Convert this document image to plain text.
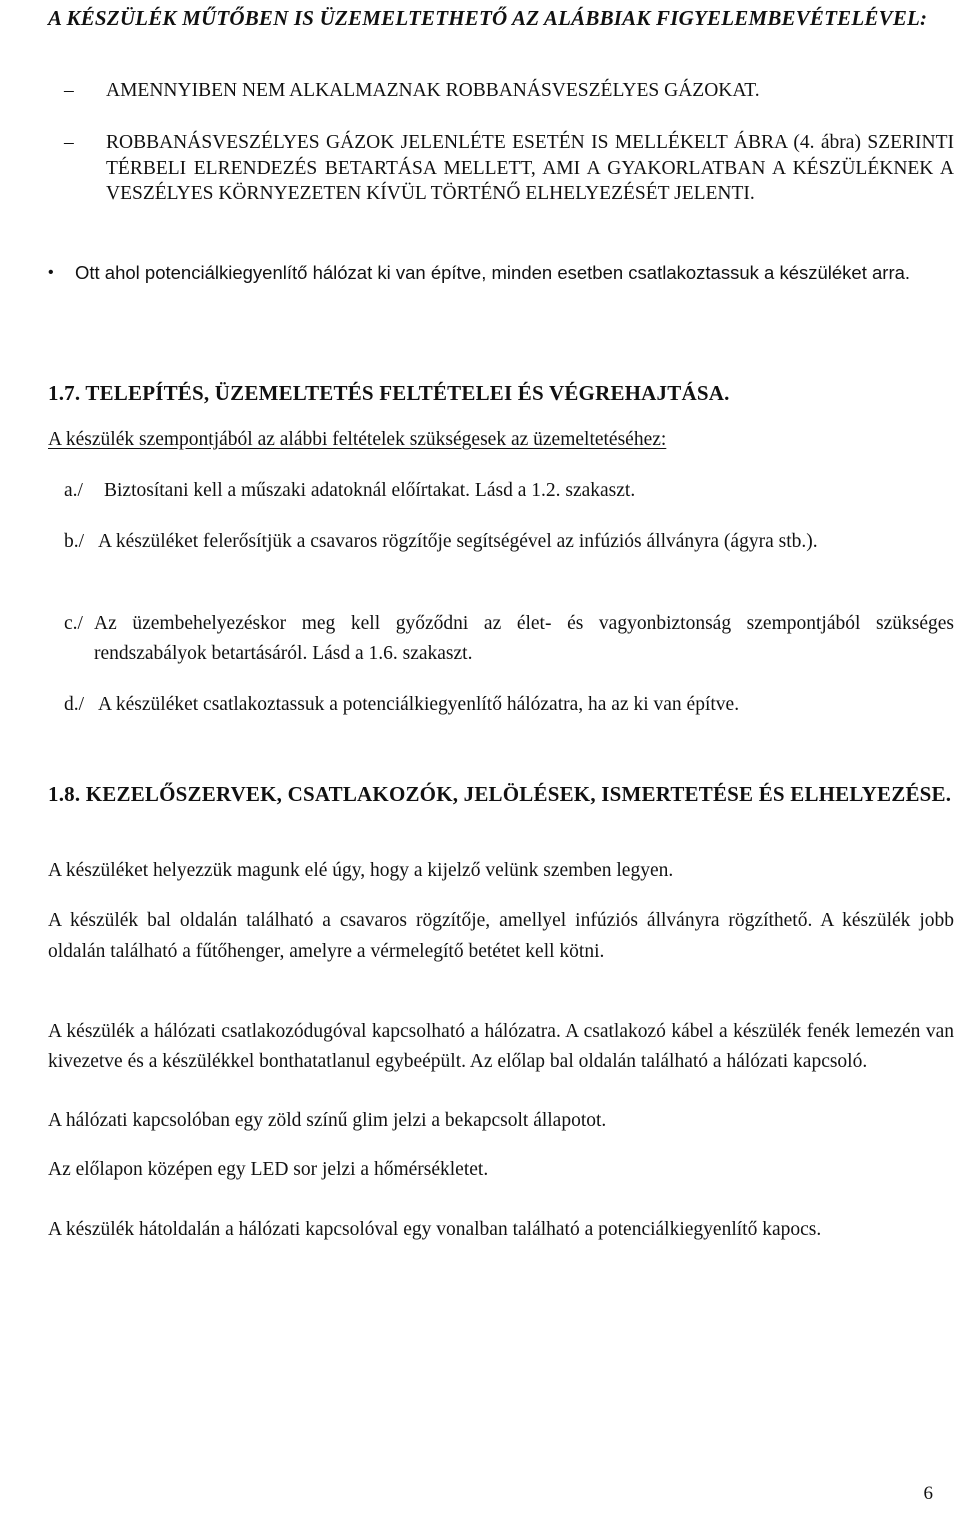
A KÉSZÜLÉK MŰTŐBEN IS ÜZEMELTETHETŐ AZ ALÁBBIAK FIGYELEMBEVÉTELÉVEL:
– AMENNYIBEN NEM ALKALMAZNAK ROBBANÁSVESZÉLYES GÁZOKAT.
– ROBBANÁSVESZÉLYES GÁZOK JELENLÉTE ESETÉN IS MELLÉKELT ÁBRA (4. ábra) SZERINTI TÉRBELI ELRENDEZÉS BETARTÁSA MELLETT, AMI A GYAKORLATBAN A KÉSZÜLÉKNEK A VESZÉLYES KÖRNYEZETEN KÍVÜL TÖRTÉNŐ ELHELYEZÉSÉT JELENTI.
• Ott ahol potenciálkiegyenlítő hálózat ki van építve, minden esetben csatlakoztassuk a készüléket arra.
1.7. TELEPÍTÉS, ÜZEMELTETÉS FELTÉTELEI ÉS VÉGREHAJTÁSA.
A készülék szempontjából az alábbi feltételek szükségesek az üzemeltetéséhez:
a./ Biztosítani kell a műszaki adatoknál előírtakat. Lásd a 1.2. szakaszt.
b./ A készüléket felerősítjük a csavaros rögzítője segítségével az infúziós állványra (ágyra stb.).
c./ Az üzembehelyezéskor meg kell győződni az élet- és vagyonbiztonság szempontjából szükséges rendszabályok betartásáról. Lásd a 1.6. szakaszt.
d./ A készüléket csatlakoztassuk a potenciálkiegyenlítő hálózatra, ha az ki van építve.
1.8. KEZELŐSZERVEK, CSATLAKOZÓK, JELÖLÉSEK, ISMERTETÉSE ÉS ELHELYEZÉSE.
A készüléket helyezzük magunk elé úgy, hogy a kijelző velünk szemben legyen.
A készülék bal oldalán található a csavaros rögzítője, amellyel infúziós állványra rögzíthető. A készülék jobb oldalán található a fűtőhenger, amelyre a vérmelegítő betétet kell kötni.
A készülék a hálózati csatlakozódugóval kapcsolható a hálózatra. A csatlakozó kábel a készülék fenék lemezén van kivezetve és a készülékkel bonthatatlanul egybeépült. Az előlap bal oldalán található a hálózati kapcsoló.
A hálózati kapcsolóban egy zöld színű glim jelzi a bekapcsolt állapotot.
Az előlapon középen egy LED sor jelzi a hőmérsékletet.
A készülék hátoldalán a hálózati kapcsolóval egy vonalban található a potenciálkiegyenlítő kapocs.
6
